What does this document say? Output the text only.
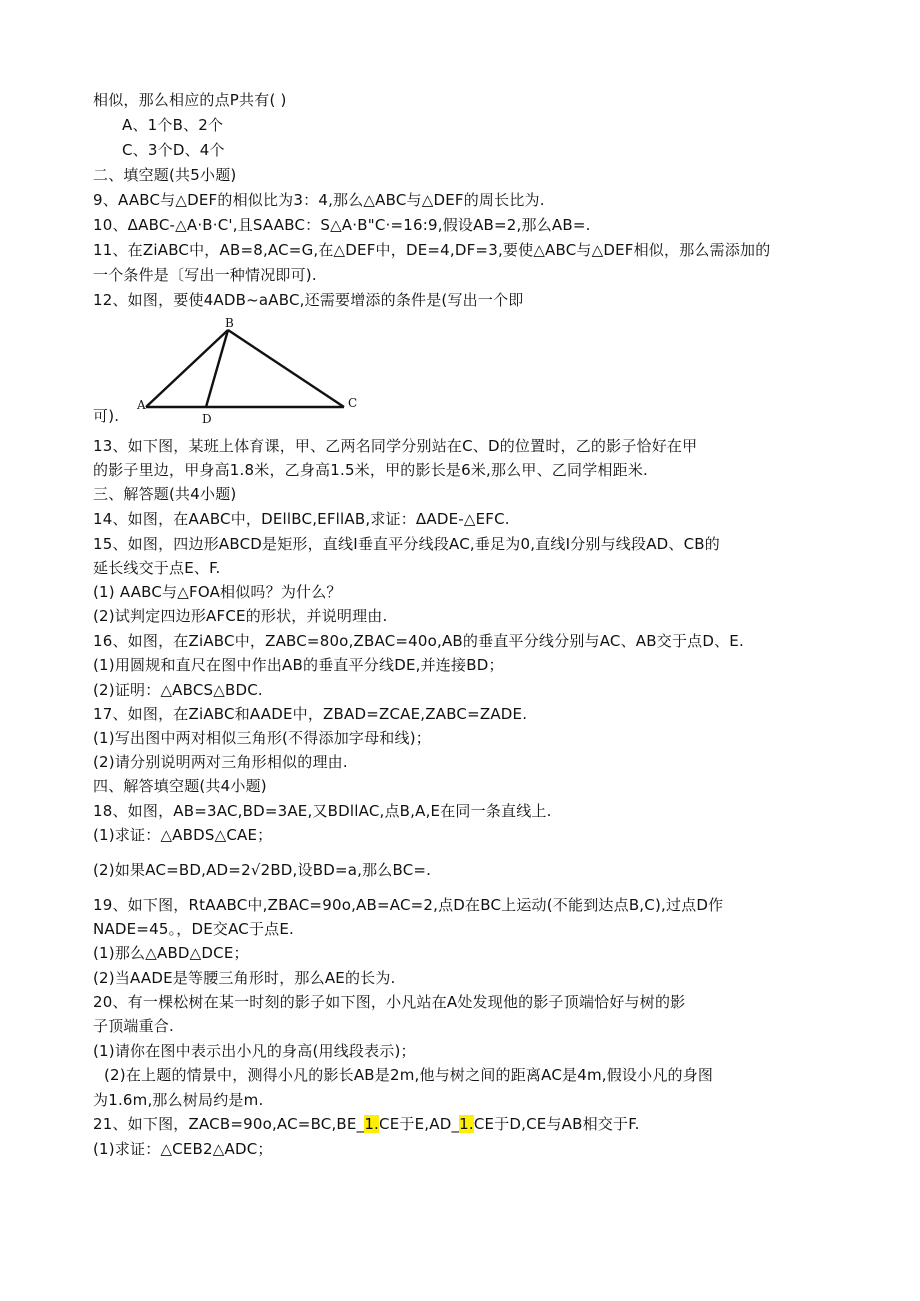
相似，那么相应的点P共有( )
A、1个B、2个
C、3个D、4个
二、填空题(共5小题)
9、AABC与△DEF的相似比为3：4,那么△ABC与△DEF的周长比为.
10、ΔABC-△A·B·C',且SAABC：S△A·B"C·=16:9,假设AB=2,那么AB=.
11、在ZiABC中，AB=8,AC=G,在△DEF中，DE=4,DF=3,要使△ABC与△DEF相似，那么需添加的
一个条件是〔写出一种情况即可).
12、如图，要使4ADB~aABC,还需要增添的条件是(写出一个即
B
A
D
C
可).
13、如下图，某班上体育课，甲、乙两名同学分别站在C、D的位置时，乙的影子恰好在甲
的影子里边，甲身高1.8米，乙身高1.5米，甲的影长是6米,那么甲、乙同学相距米.
三、解答题(共4小题)
14、如图，在AABC中，DEllBC,EFllAB,求证：ΔADE-△EFC.
15、如图，四边形ABCD是矩形，直线I垂直平分线段AC,垂足为0,直线I分别与线段AD、CB的
延长线交于点E、F.
(1) AABC与△FOA相似吗？为什么？
(2)试判定四边形AFCE的形状，并说明理由.
16、如图，在ZiABC中，ZABC=80o,ZBAC=40o,AB的垂直平分线分别与AC、AB交于点D、E.
(1)用圆规和直尺在图中作出AB的垂直平分线DE,并连接BD；
(2)证明：△ABCS△BDC.
17、如图，在ZiABC和AADE中，ZBAD=ZCAE,ZABC=ZADE.
(1)写出图中两对相似三角形(不得添加字母和线)；
(2)请分别说明两对三角形相似的理由.
四、解答填空题(共4小题)
18、如图，AB=3AC,BD=3AE,又BDllAC,点B,A,E在同一条直线上.
(1)求证：△ABDS△CAE；
(2)如果AC=BD,AD=2√2BD,设BD=a,那么BC=.
19、如下图，RtAABC中,ZBAC=90o,AB=AC=2,点D在BC上运动(不能到达点B,C),过点D作
NADE=45。，DE交AC于点E.
(1)那么△ABD△DCE；
(2)当AADE是等腰三角形时，那么AE的长为.
20、有一棵松树在某一时刻的影子如下图，小凡站在A处发现他的影子顶端恰好与树的影
子顶端重合.
(1)请你在图中表示出小凡的身高(用线段表示)；
(2)在上题的情景中，测得小凡的影长AB是2m,他与树之间的距离AC是4m,假设小凡的身图
为1.6m,那么树局约是m.
21、如下图，ZACB=90o,AC=BC,BE_1.CE于E,AD_1.CE于D,CE与AB相交于F.
(1)求证：△CEB2△ADC；
